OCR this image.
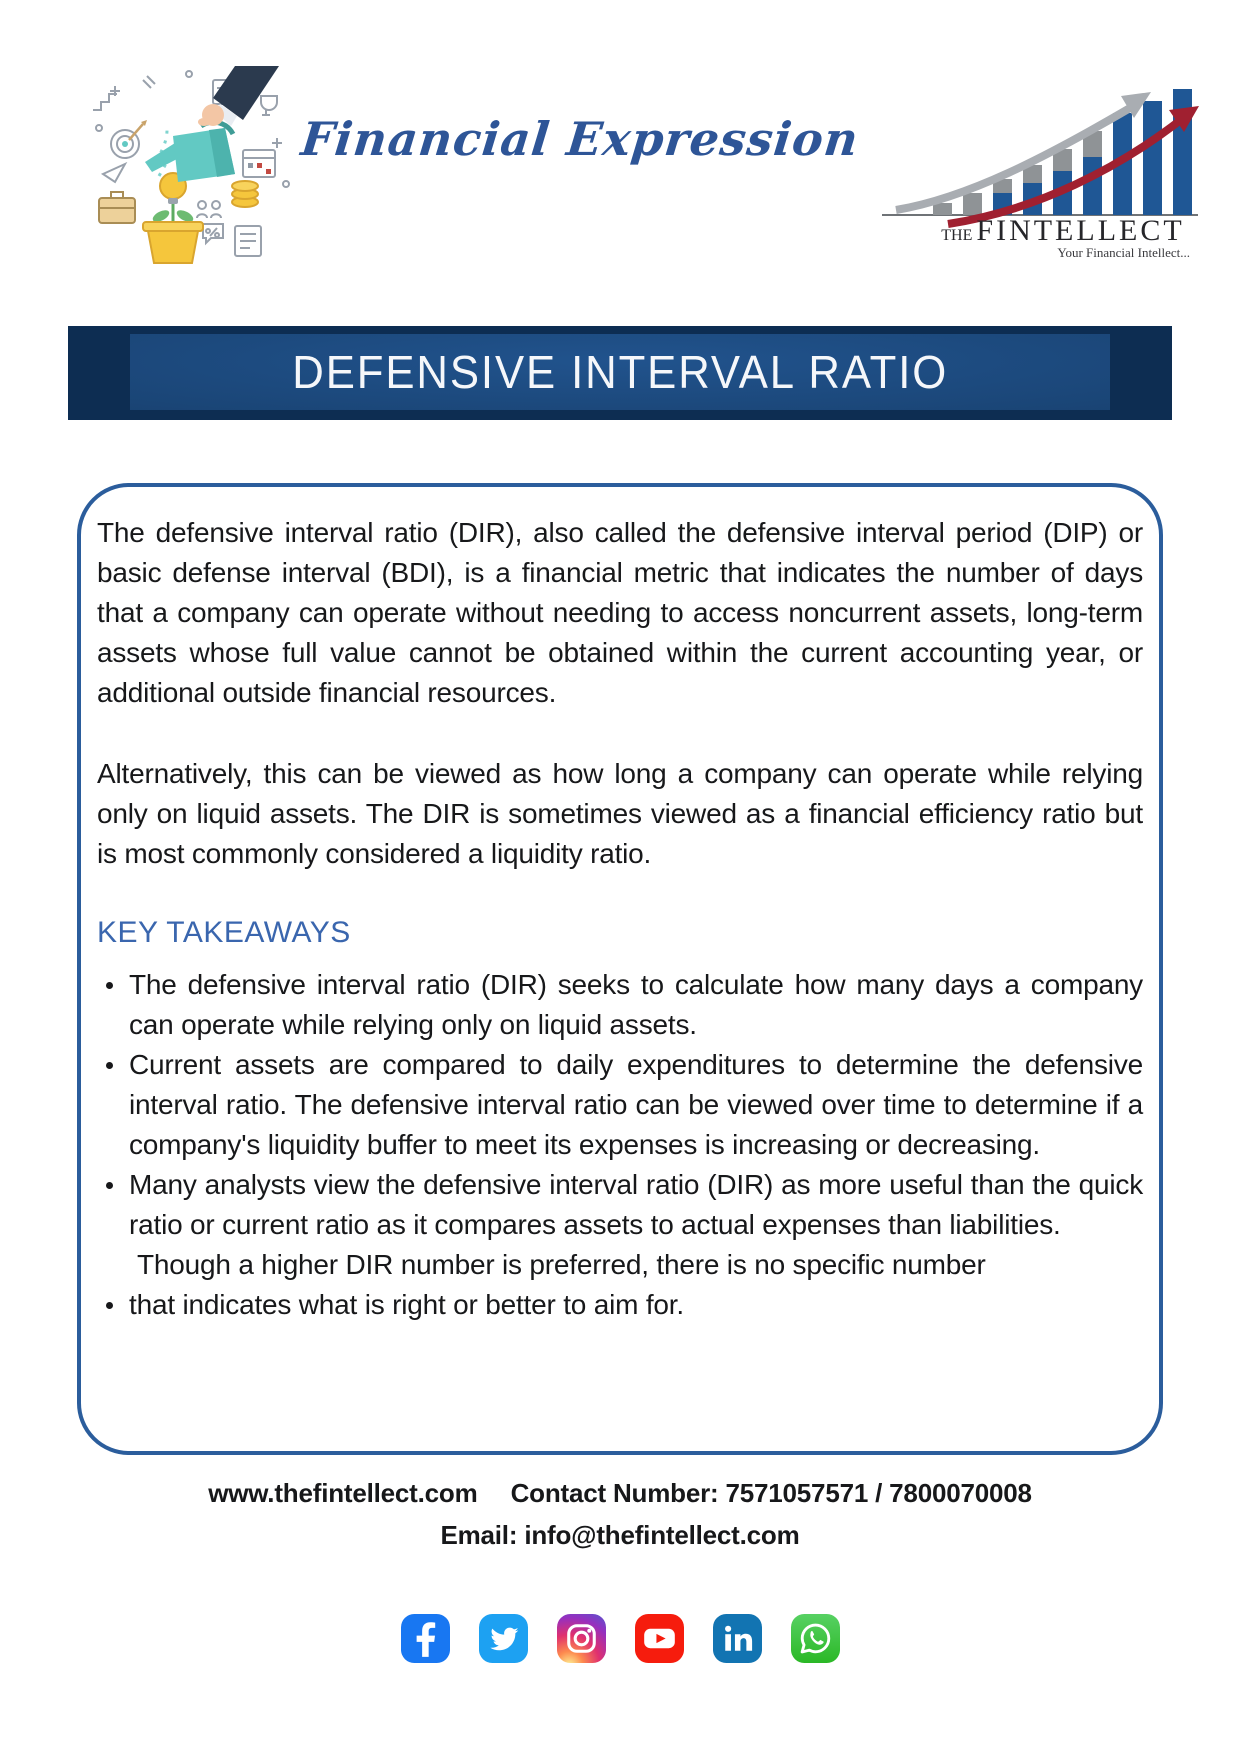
Financial Expression
THE FINTELLECT
Your Financial Intellect...
DEFENSIVE INTERVAL RATIO

The defensive interval ratio (DIR), also called the defensive interval period (DIP) or basic defense interval (BDI), is a financial metric that indicates the number of days that a company can operate without needing to access noncurrent assets, long-term assets whose full value cannot be obtained within the current accounting year, or additional outside financial resources.

Alternatively, this can be viewed as how long a company can operate while relying only on liquid assets. The DIR is sometimes viewed as a financial efficiency ratio but is most commonly considered a liquidity ratio.

KEY TAKEAWAYS
The defensive interval ratio (DIR) seeks to calculate how many days a company can operate while relying only on liquid assets.
Current assets are compared to daily expenditures to determine the defensive interval ratio. The defensive interval ratio can be viewed over time to determine if a company's liquidity buffer to meet its expenses is increasing or decreasing.
Many analysts view the defensive interval ratio (DIR) as more useful than the quick ratio or current ratio as it compares assets to actual expenses than liabilities.
Though a higher DIR number is preferred, there is no specific number
that indicates what is right or better to aim for.
www.thefintellect.com Contact Number: 7571057571 / 7800070008
Email: info@thefintellect.com
